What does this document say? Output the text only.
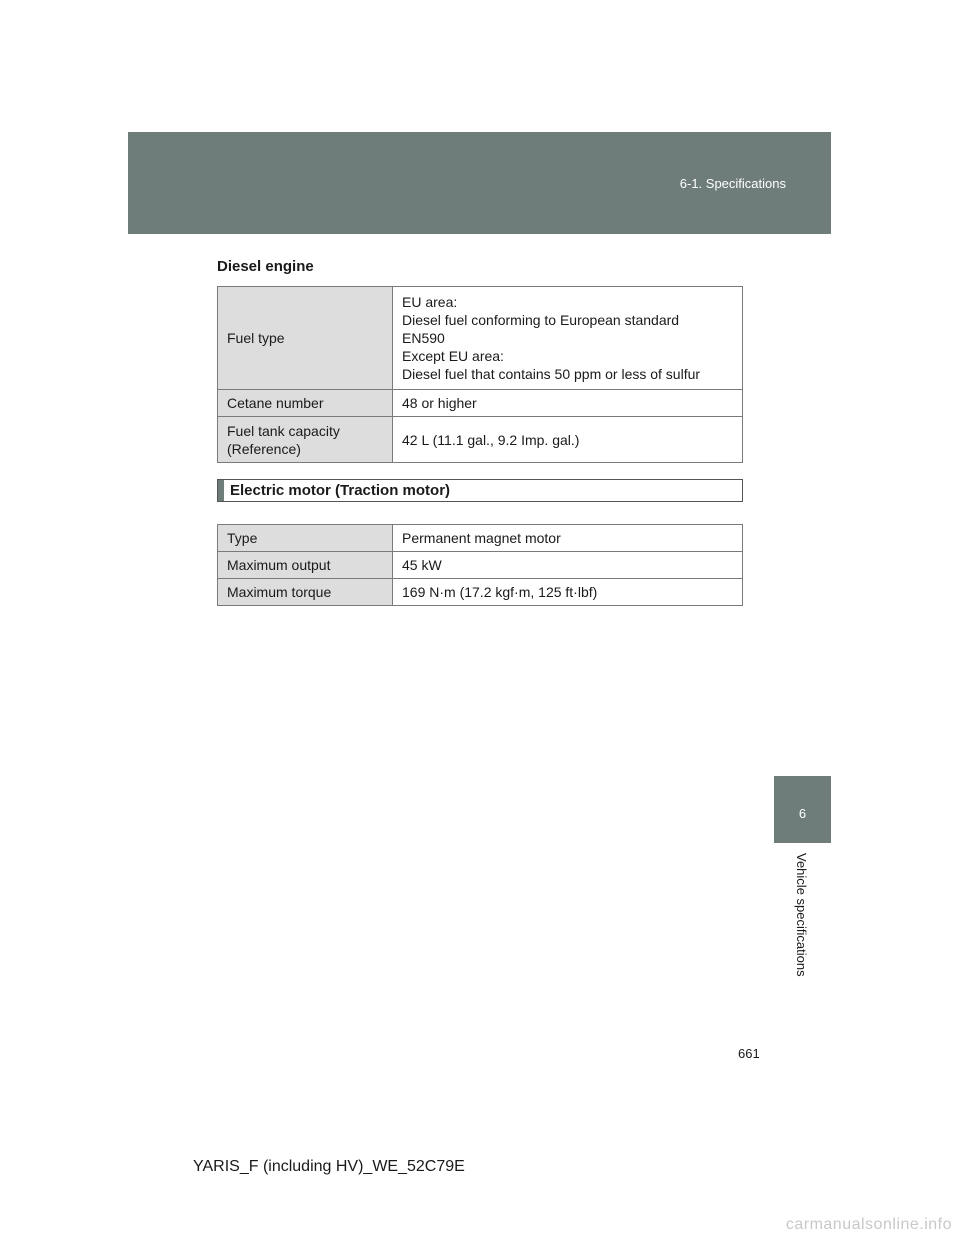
6-1. Specifications
6
Vehicle specifications
Diesel engine
Fuel type	EU area:
Diesel fuel conforming to European standard
EN590
Except EU area:
Diesel fuel that contains 50 ppm or less of sulfur

Cetane number	48 or higher

Fuel tank capacity
(Reference)	42 L (11.1 gal., 9.2 Imp. gal.)
Electric motor (Traction motor)
Type	Permanent magnet motor
Maximum output	45 kW
Maximum torque	169 N·m (17.2 kgf·m, 125 ft·lbf)
661
YARIS_F (including HV)_WE_52C79E
carmanualsonline.info
